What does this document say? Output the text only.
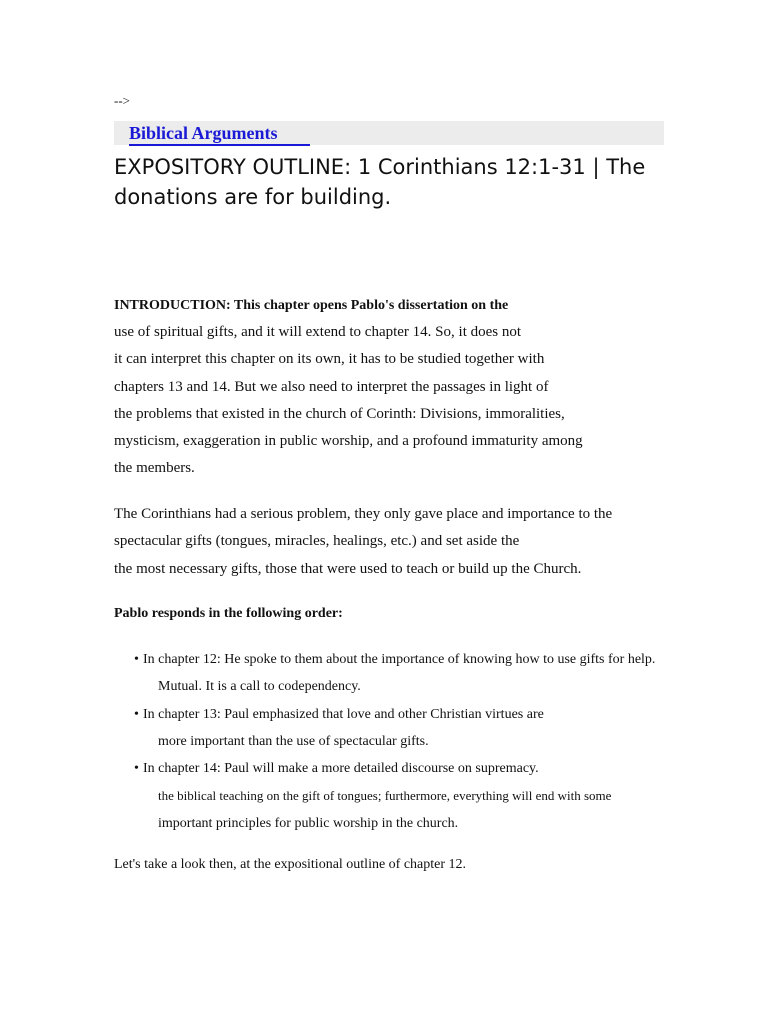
-->
Biblical Arguments
EXPOSITORY OUTLINE: 1 Corinthians 12:1-31 | The
donations are for building.
INTRODUCTION: This chapter opens Pablo's dissertation on the
use of spiritual gifts, and it will extend to chapter 14. So, it does not
it can interpret this chapter on its own, it has to be studied together with
chapters 13 and 14. But we also need to interpret the passages in light of
the problems that existed in the church of Corinth: Divisions, immoralities,
mysticism, exaggeration in public worship, and a profound immaturity among
the members.
The Corinthians had a serious problem, they only gave place and importance to the
spectacular gifts (tongues, miracles, healings, etc.) and set aside the
the most necessary gifts, those that were used to teach or build up the Church.
Pablo responds in the following order:
• In chapter 12: He spoke to them about the importance of knowing how to use gifts for help.
Mutual. It is a call to codependency.
• In chapter 13: Paul emphasized that love and other Christian virtues are
more important than the use of spectacular gifts.
• In chapter 14: Paul will make a more detailed discourse on supremacy.
the biblical teaching on the gift of tongues; furthermore, everything will end with some
important principles for public worship in the church.
Let's take a look then, at the expositional outline of chapter 12.
